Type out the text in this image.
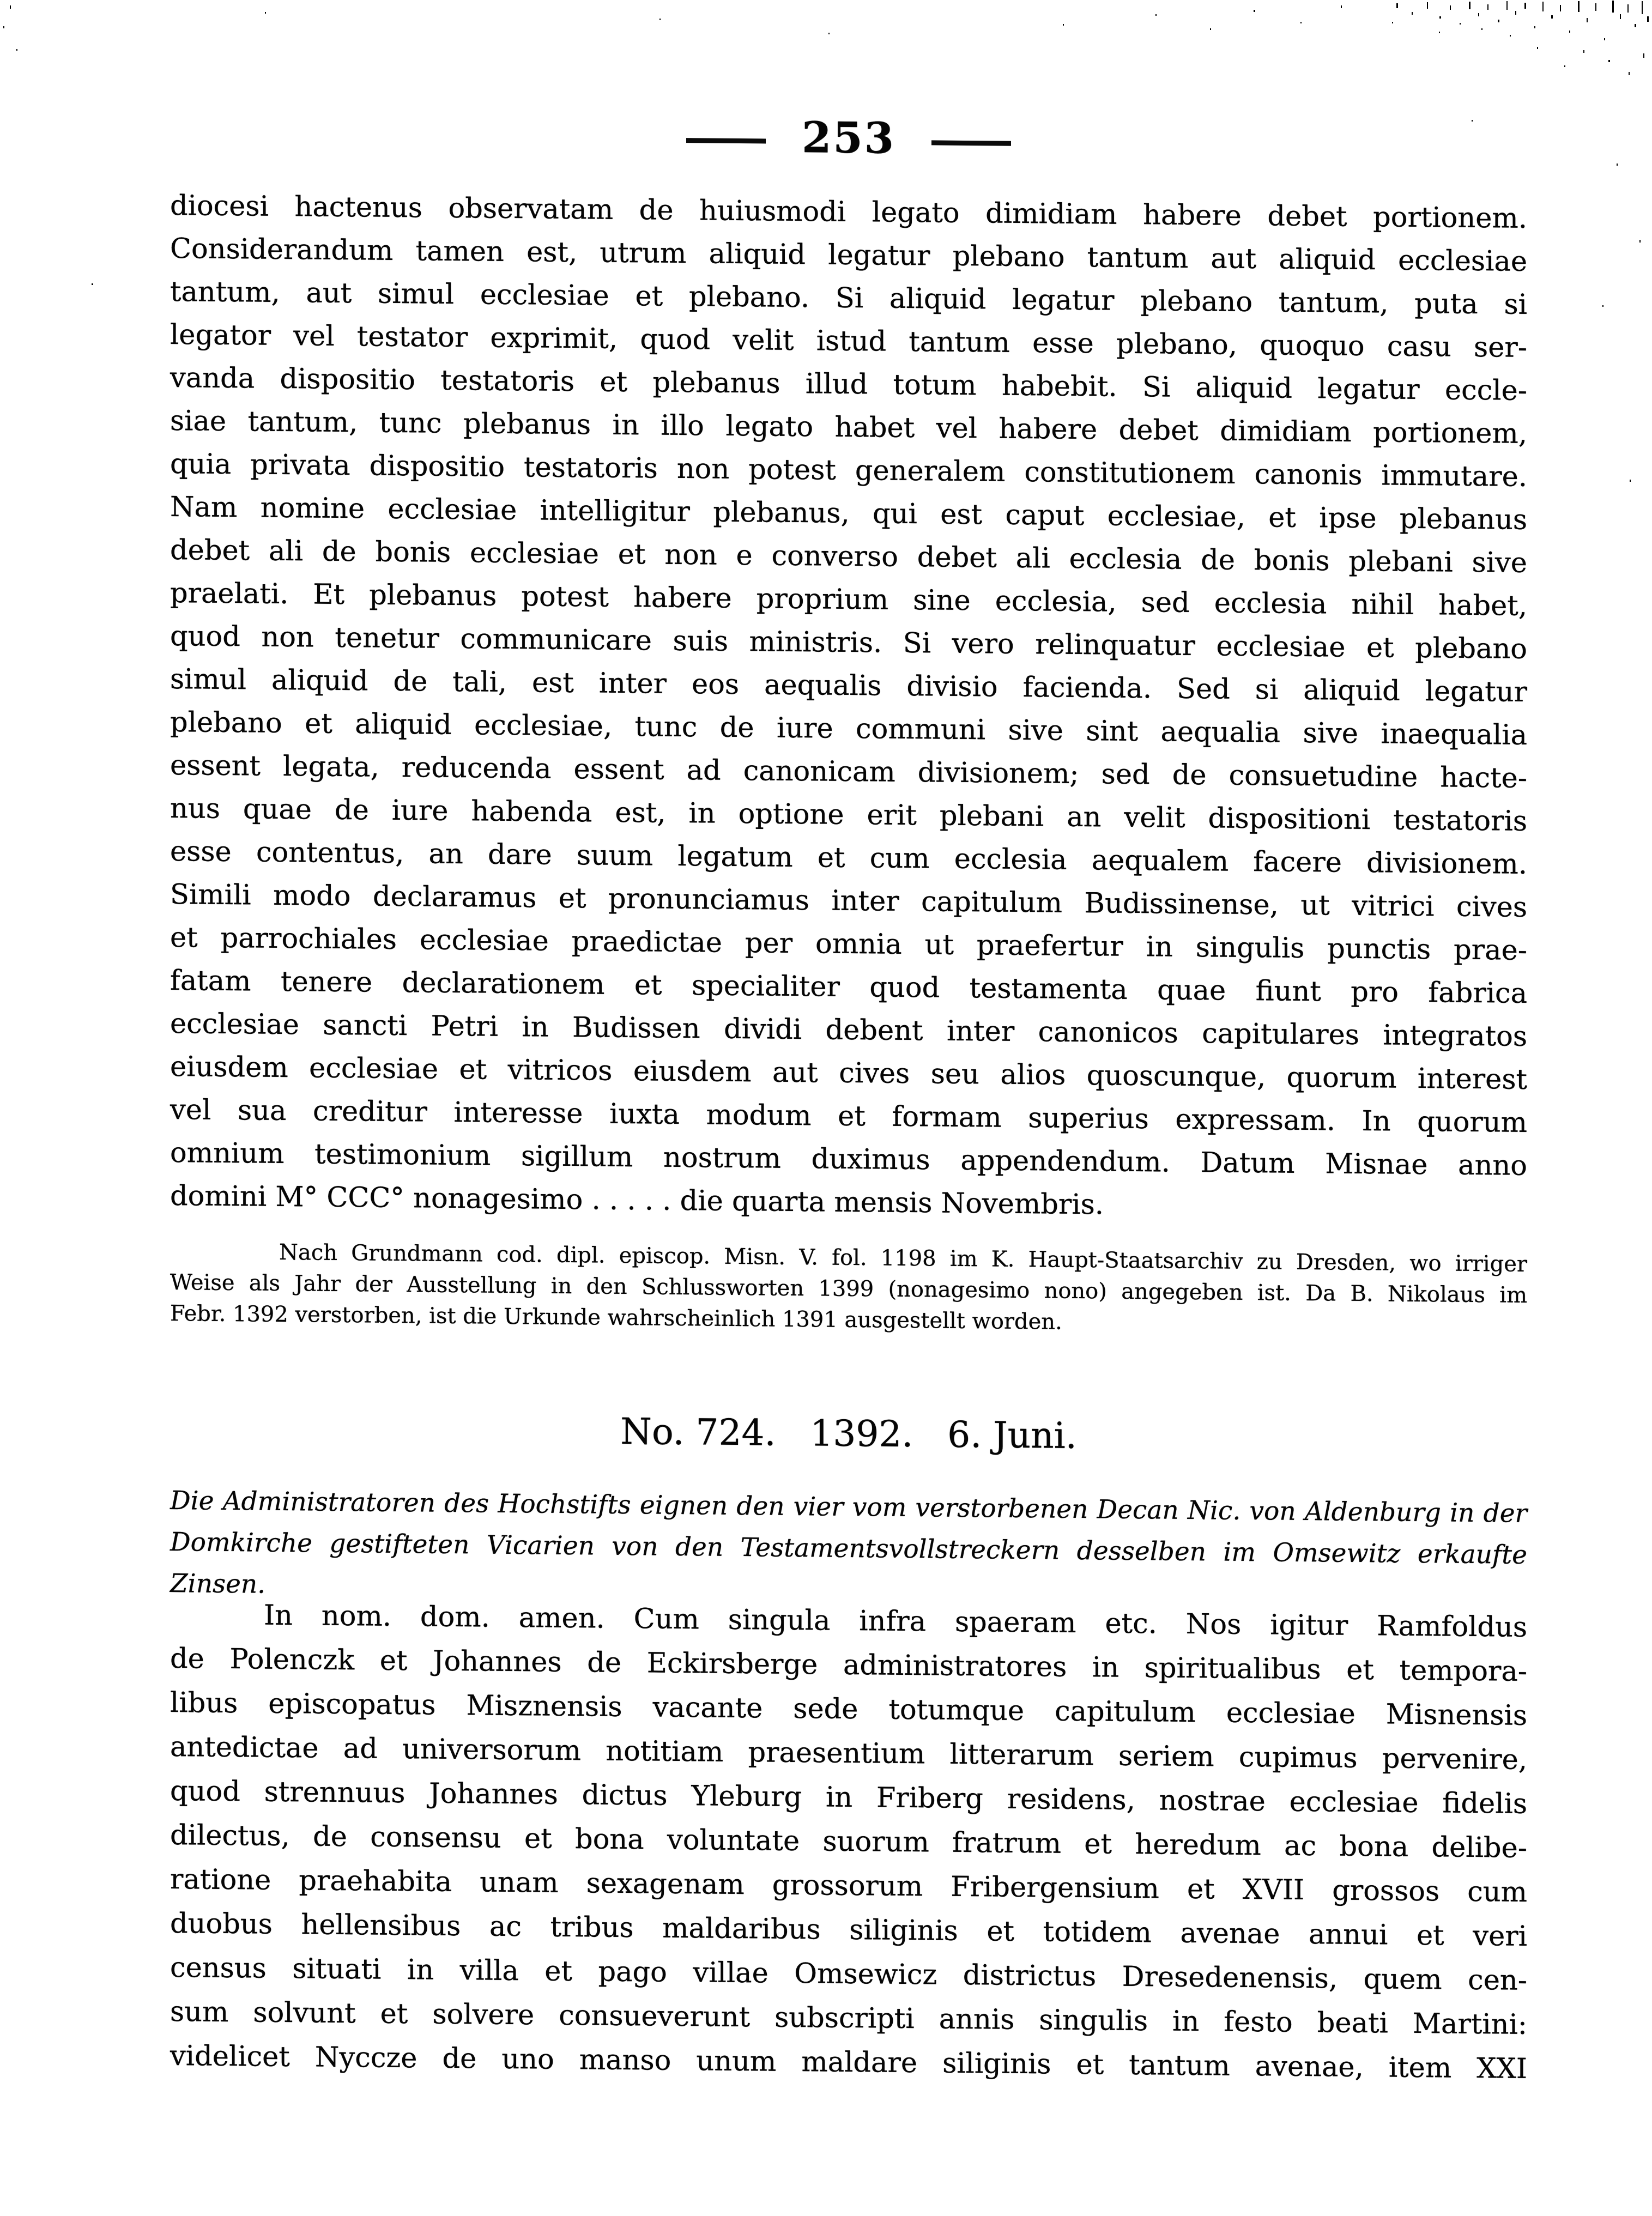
253
diocesi hactenus observatam de huiusmodi legato dimidiam habere debet portionem.
Considerandum tamen est, utrum aliquid legatur plebano tantum aut aliquid ecclesiae
tantum, aut simul ecclesiae et plebano. Si aliquid legatur plebano tantum, puta si
legator vel testator exprimit, quod velit istud tantum esse plebano, quoquo casu ser-
vanda dispositio testatoris et plebanus illud totum habebit. Si aliquid legatur eccle-
siae tantum, tunc plebanus in illo legato habet vel habere debet dimidiam portionem,
quia privata dispositio testatoris non potest generalem constitutionem canonis immutare.
Nam nomine ecclesiae intelligitur plebanus, qui est caput ecclesiae, et ipse plebanus
debet ali de bonis ecclesiae et non e converso debet ali ecclesia de bonis plebani sive
praelati. Et plebanus potest habere proprium sine ecclesia, sed ecclesia nihil habet,
quod non tenetur communicare suis ministris. Si vero relinquatur ecclesiae et plebano
simul aliquid de tali, est inter eos aequalis divisio facienda. Sed si aliquid legatur
plebano et aliquid ecclesiae, tunc de iure communi sive sint aequalia sive inaequalia
essent legata, reducenda essent ad canonicam divisionem; sed de consuetudine hacte-
nus quae de iure habenda est, in optione erit plebani an velit dispositioni testatoris
esse contentus, an dare suum legatum et cum ecclesia aequalem facere divisionem.
Simili modo declaramus et pronunciamus inter capitulum Budissinense, ut vitrici cives
et parrochiales ecclesiae praedictae per omnia ut praefertur in singulis punctis prae-
fatam tenere declarationem et specialiter quod testamenta quae fiunt pro fabrica
ecclesiae sancti Petri in Budissen dividi debent inter canonicos capitulares integratos
eiusdem ecclesiae et vitricos eiusdem aut cives seu alios quoscunque, quorum interest
vel sua creditur interesse iuxta modum et formam superius expressam. In quorum
omnium testimonium sigillum nostrum duximus appendendum. Datum Misnae anno
domini M° CCC° nonagesimo . . . . . die quarta mensis Novembris.
Nach Grundmann cod. dipl. episcop. Misn. V. fol. 1198 im K. Haupt-Staatsarchiv zu Dresden, wo irriger
Weise als Jahr der Ausstellung in den Schlussworten 1399 (nonagesimo nono) angegeben ist. Da B. Nikolaus im
Febr. 1392 verstorben, ist die Urkunde wahrscheinlich 1391 ausgestellt worden.
No. 724.   1392.   6. Juni.
Die Administratoren des Hochstifts eignen den vier vom verstorbenen Decan Nic. von Aldenburg in der
Domkirche gestifteten Vicarien von den Testamentsvollstreckern desselben im Omsewitz erkaufte Zinsen.
In nom. dom. amen. Cum singula infra spaeram etc. Nos igitur Ramfoldus
de Polenczk et Johannes de Eckirsberge administratores in spiritualibus et tempora-
libus episcopatus Misznensis vacante sede totumque capitulum ecclesiae Misnensis
antedictae ad universorum notitiam praesentium litterarum seriem cupimus pervenire,
quod strennuus Johannes dictus Yleburg in Friberg residens, nostrae ecclesiae fidelis
dilectus, de consensu et bona voluntate suorum fratrum et heredum ac bona delibe-
ratione praehabita unam sexagenam grossorum Fribergensium et XVII grossos cum
duobus hellensibus ac tribus maldaribus siliginis et totidem avenae annui et veri
census situati in villa et pago villae Omsewicz districtus Dresedenensis, quem cen-
sum solvunt et solvere consueverunt subscripti annis singulis in festo beati Martini:
videlicet Nyccze de uno manso unum maldare siliginis et tantum avenae, item XXI
